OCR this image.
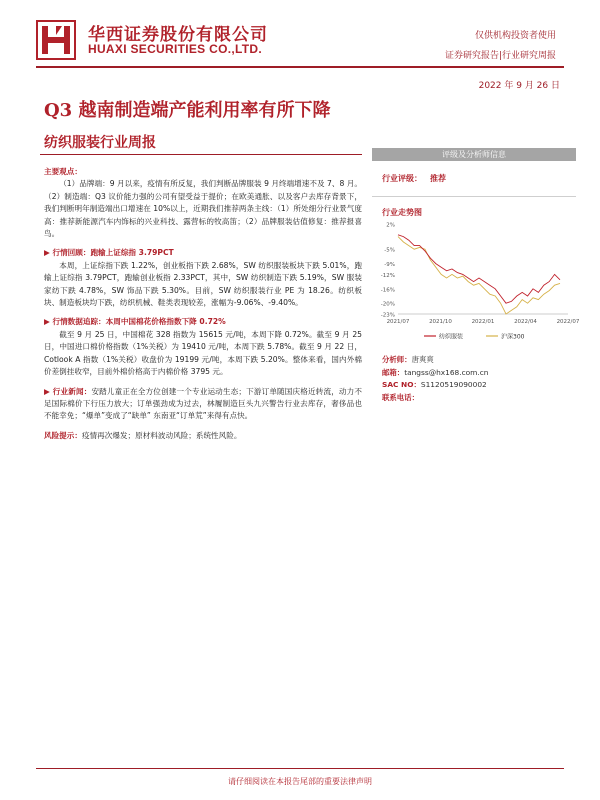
华西证券股份有限公司
HUAXI SECURITIES CO.,LTD.
仅供机构投资者使用
证券研究报告|行业研究周报
2022 年 9 月 26 日
Q3 越南制造端产能利用率有所下降
纺织服装行业周报
主要观点：

（1）品牌端：9 月以来，疫情有所反复，我们判断品牌服装 9 月终端增速不及 7、8 月。（2）制造端：Q3 议价能力强的公司有望受益于提价；在欧美通胀、以及客户去库存背景下，我们判断明年制造端出口增速在 10%以上，近期我们推荐两条主线：（1）所处细分行业景气度高：推荐新能源汽车内饰标的兴业科技、露营标的牧高笛；（2）品牌服装估值修复：推荐报喜鸟。

▶ 行情回顾：跑输上证综指 3.79PCT

本周，上证综指下跌 1.22%，创业板指下跌 2.68%，SW 纺织服装板块下跌 5.01%，跑输上证综指 3.79PCT，跑输创业板指 2.33PCT，其中，SW 纺织制造下跌 5.19%，SW 服装家纺下跌 4.78%，SW 饰品下跌 5.30%。目前，SW 纺织服装行业 PE 为 18.26。纺织板块、制造板块均下跌，纺织机械、鞋类表现较差，涨幅为-9.06%、-9.40%。

▶ 行情数据追踪：本周中国棉花价格指数下降 0.72%

截至 9 月 25 日，中国棉花 328 指数为 15615 元/吨，本周下降 0.72%。截至 9 月 25 日，中国进口棉价格指数（1%关税）为 19410 元/吨，本周下跌 5.78%。截至 9 月 22 日，Cotlook A 指数（1%关税）收盘价为 19199 元/吨，本周下跌 5.20%。整体来看，国内外棉价差倒挂收窄，目前外棉价格高于内棉价格 3795 元。

▶ 行业新闻：安踏儿童正在全方位创建一个专业运动生态；下游订单随国庆格近转流，动力不足国际棉价下行压力放大；订单强劲成为过去，林履制造巨头九兴警告行业去库存，奢侈品也不能幸免；“爆单”变成了“缺单” 东南亚“订单荒”来得有点快。

风险提示：疫情再次爆发；原材料波动风险；系统性风险。

评级及分析师信息
行业评级： 推荐
行业走势图
2%
-5%
-9%
-12%
-16%
-20%
-23%
2021/07	2021/10	2022/01	2022/04	2022/07
纺织服装	沪深300
分析师：唐爽爽
邮箱：tangss@hx168.com.cn
SAC NO：S1120519090002
联系电话：
请仔细阅读在本报告尾部的重要法律声明
